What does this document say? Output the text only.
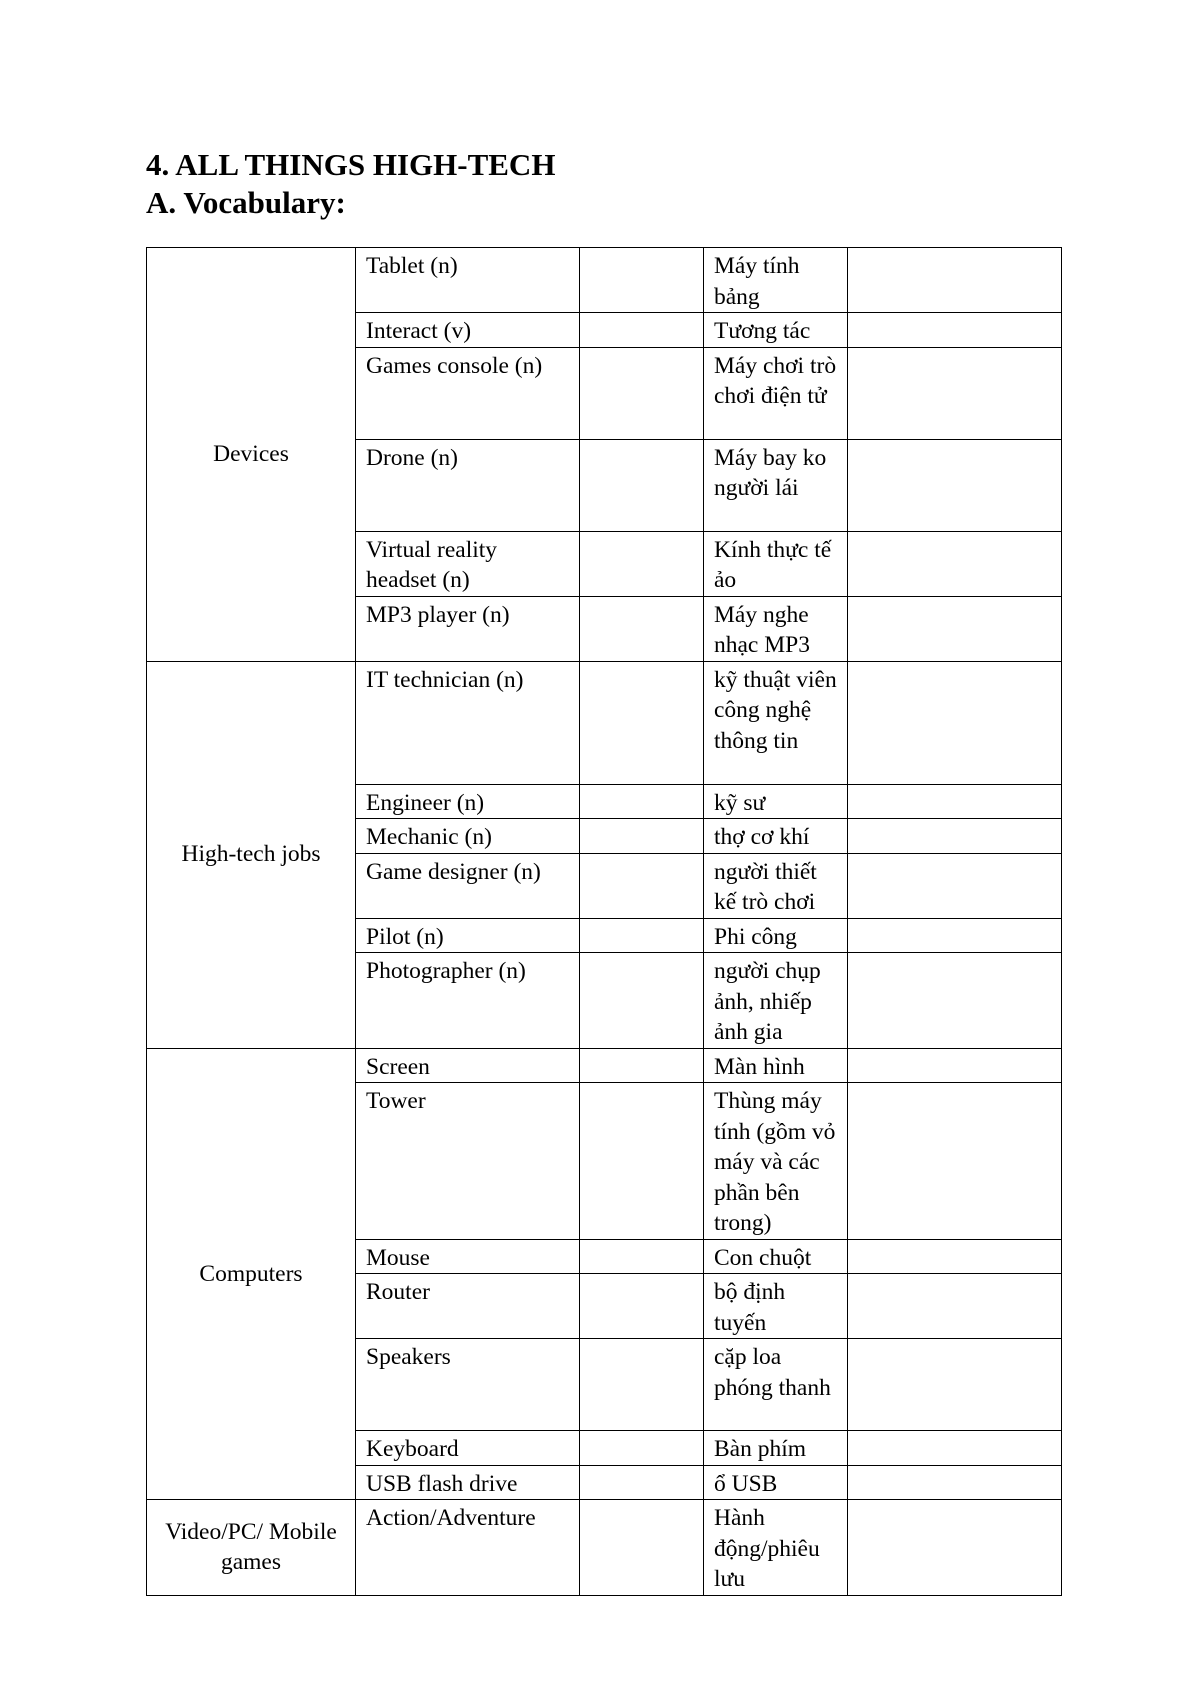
4. ALL THINGS HIGH-TECH
A. Vocabulary:
Devices	Tablet (n)		Máy tính bảng	
	Interact (v)		Tương tác	
	Games console (n)		Máy chơi trò chơi điện tử	
	Drone (n)		Máy bay ko người lái	
	Virtual reality headset (n)		Kính thực tế ảo	
	MP3 player (n)		Máy nghe nhạc MP3	
High-tech jobs	IT technician (n)		kỹ thuật viên công nghệ thông tin	
	Engineer (n)		kỹ sư	
	Mechanic (n)		thợ cơ khí	
	Game designer (n)		người thiết kế trò chơi	
	Pilot (n)		Phi công	
	Photographer (n)		người chụp ảnh, nhiếp ảnh gia	
Computers	Screen		Màn hình	
	Tower		Thùng máy tính (gồm vỏ máy và các phần bên trong)	
	Mouse		Con chuột	
	Router		bộ định tuyến	
	Speakers		cặp loa phóng thanh	
	Keyboard		Bàn phím	
	USB flash drive		ổ USB	
Video/PC/ Mobile games	Action/Adventure		Hành động/phiêu lưu	
